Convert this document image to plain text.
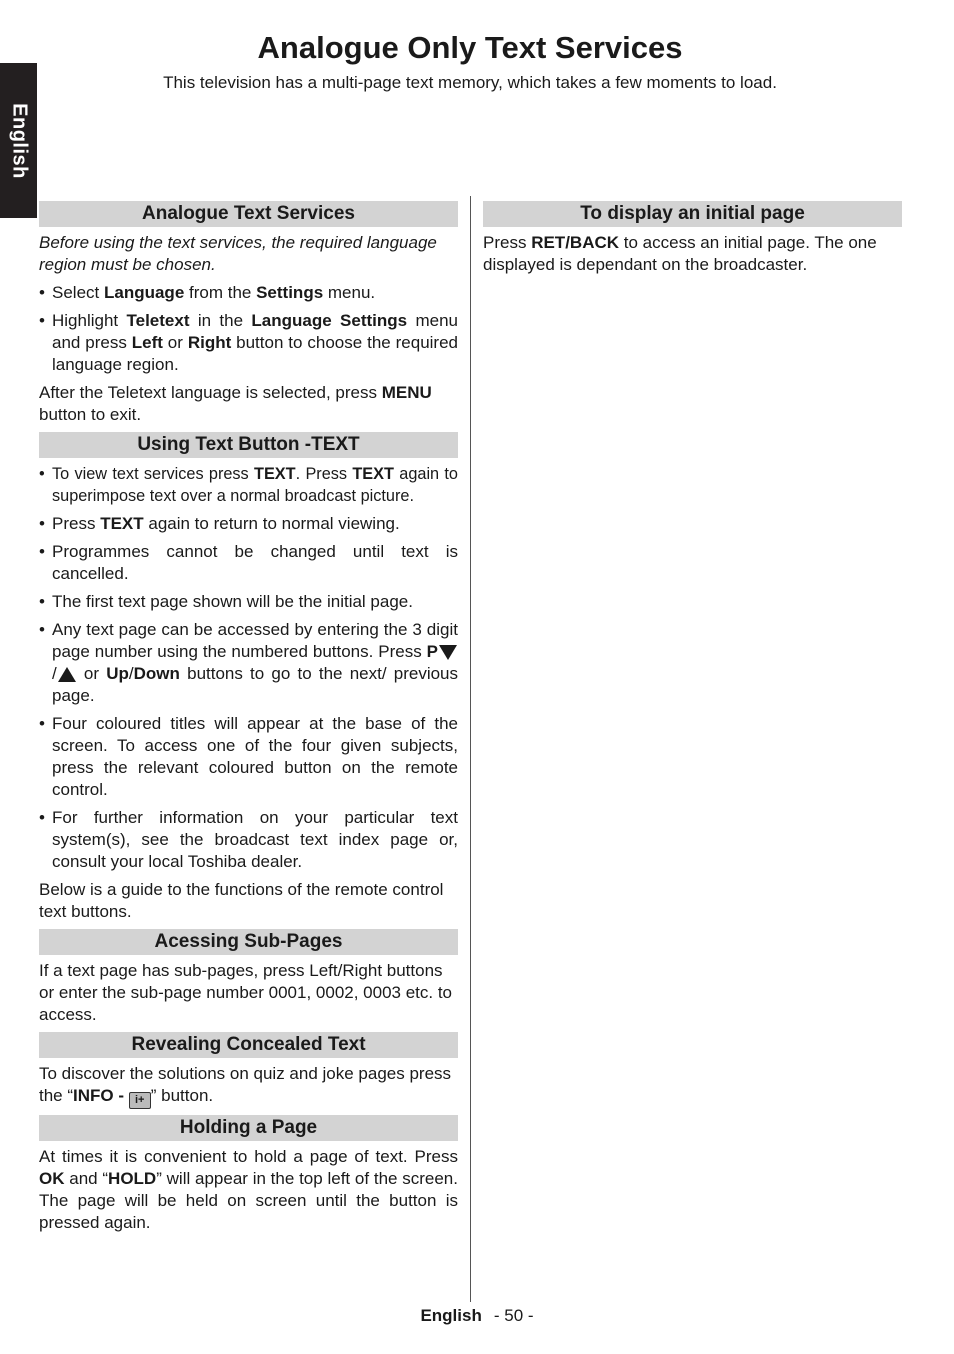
English
Analogue Only Text Services

This television has a multi-page text memory, which takes a few moments to load.

Analogue Text Services

Before using the text services, the required language region must be chosen.

• Select Language from the Settings menu.
• Highlight Teletext in the Language Settings menu and press Left or Right button to choose the required language region.

After the Teletext language is selected, press MENU button to exit.

Using Text Button -TEXT
• To view text services press TEXT. Press TEXT again to superimpose text over a normal broadcast picture.
• Press TEXT again to return to normal viewing.
• Programmes cannot be changed until text is cancelled.
• The first text page shown will be the initial page.
• Any text page can be accessed by entering the 3 digit page number using the numbered buttons. Press P/ or Up/Down buttons to go to the next/ previous page.
• Four coloured titles will appear at the base of the screen. To access one of the four given subjects, press the relevant coloured button on the remote control.
• For further information on your particular text system(s), see the broadcast text index page or, consult your local Toshiba dealer.

Below is a guide to the functions of the remote control text buttons.

Acessing Sub-Pages

If a text page has sub-pages, press Left/Right buttons or enter the sub-page number 0001, 0002, 0003 etc. to access.

Revealing Concealed Text

To discover the solutions on quiz and joke pages press the “INFO - i+ ” button.

Holding a Page

At times it is convenient to hold a page of text. Press OK and “HOLD” will appear in the top left of the screen. The page will be held on screen until the button is pressed again.

To display an initial page

Press RET/BACK to access an initial page. The one displayed is dependant on the broadcaster.

English - 50 -
